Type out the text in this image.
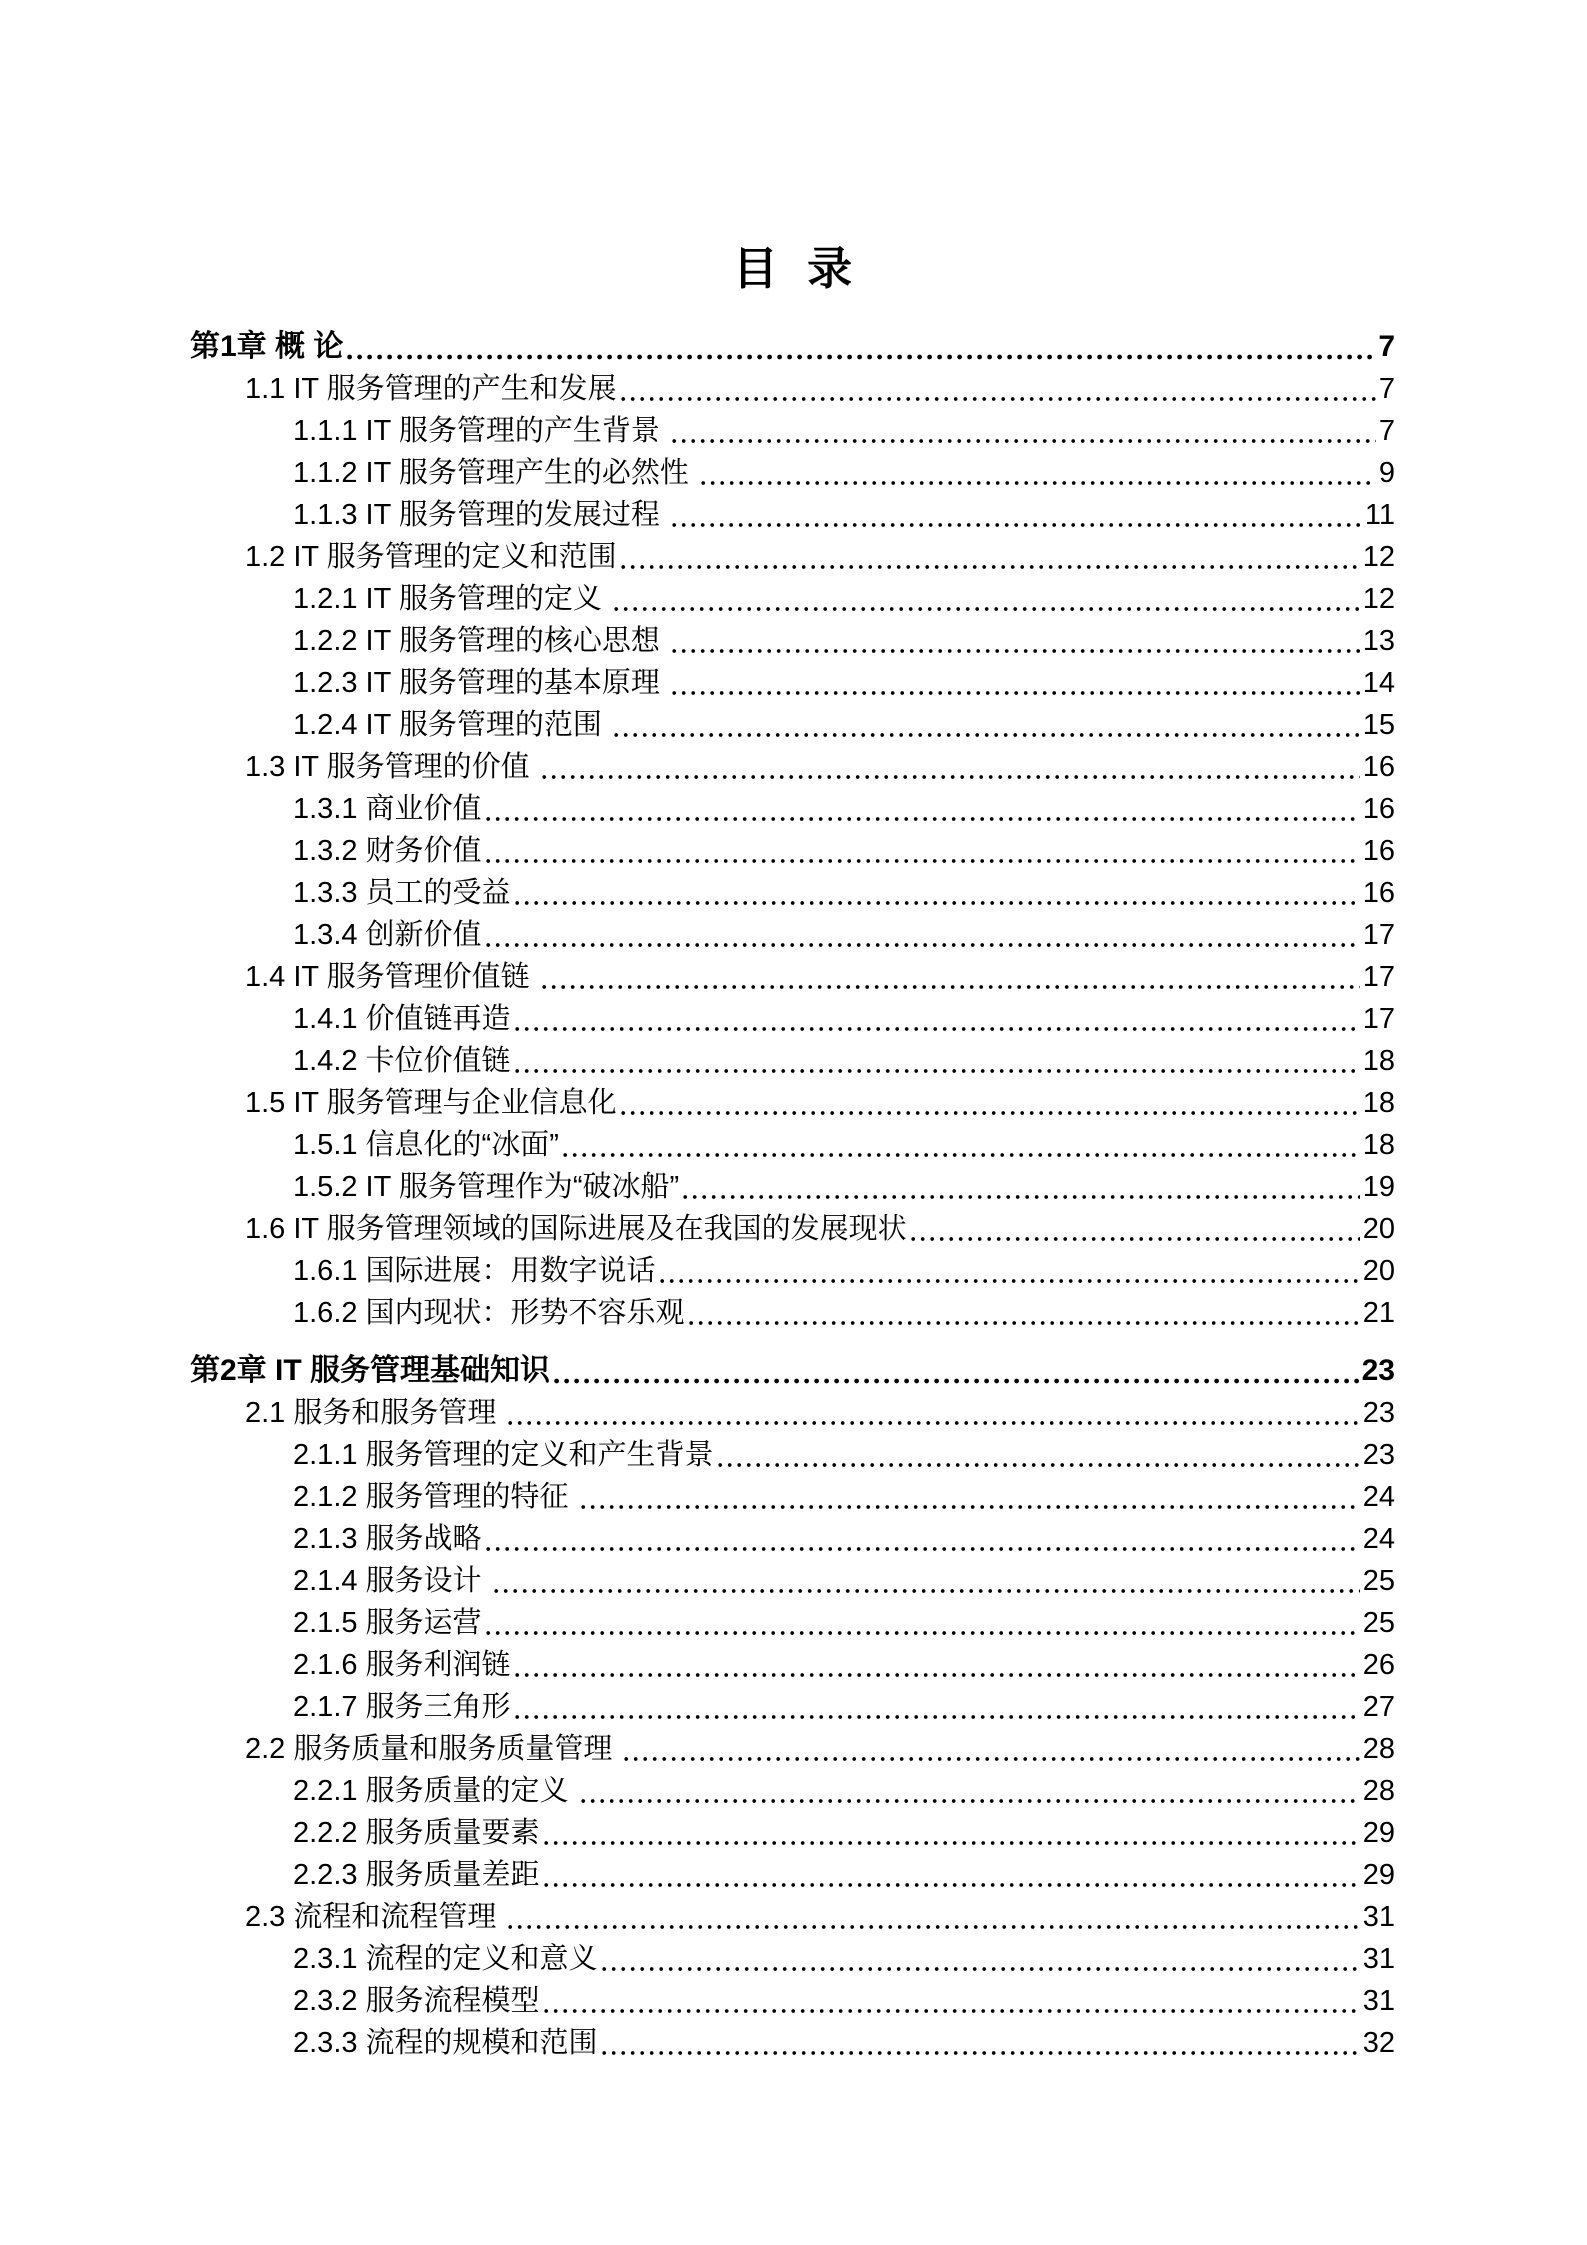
目 录
第1章 概 论	7
1.1 IT 服务管理的产生和发展	7
1.1.1 IT 服务管理的产生背景	7
1.1.2 IT 服务管理产生的必然性	9
1.1.3 IT 服务管理的发展过程	11
1.2 IT 服务管理的定义和范围	12
1.2.1 IT 服务管理的定义	12
1.2.2 IT 服务管理的核心思想	13
1.2.3 IT 服务管理的基本原理	14
1.2.4 IT 服务管理的范围	15
1.3 IT 服务管理的价值	16
1.3.1 商业价值	16
1.3.2 财务价值	16
1.3.3 员工的受益	16
1.3.4 创新价值	17
1.4 IT 服务管理价值链	17
1.4.1 价值链再造	17
1.4.2 卡位价值链	18
1.5 IT 服务管理与企业信息化	18
1.5.1 信息化的“冰面”	18
1.5.2 IT 服务管理作为“破冰船”	19
1.6 IT 服务管理领域的国际进展及在我国的发展现状	20
1.6.1 国际进展：用数字说话	20
1.6.2 国内现状：形势不容乐观	21
第2章 IT 服务管理基础知识	23
2.1 服务和服务管理	23
2.1.1 服务管理的定义和产生背景	23
2.1.2 服务管理的特征	24
2.1.3 服务战略	24
2.1.4 服务设计	25
2.1.5 服务运营	25
2.1.6 服务利润链	26
2.1.7 服务三角形	27
2.2 服务质量和服务质量管理	28
2.2.1 服务质量的定义	28
2.2.2 服务质量要素	29
2.2.3 服务质量差距	29
2.3 流程和流程管理	31
2.3.1 流程的定义和意义	31
2.3.2 服务流程模型	31
2.3.3 流程的规模和范围	32
